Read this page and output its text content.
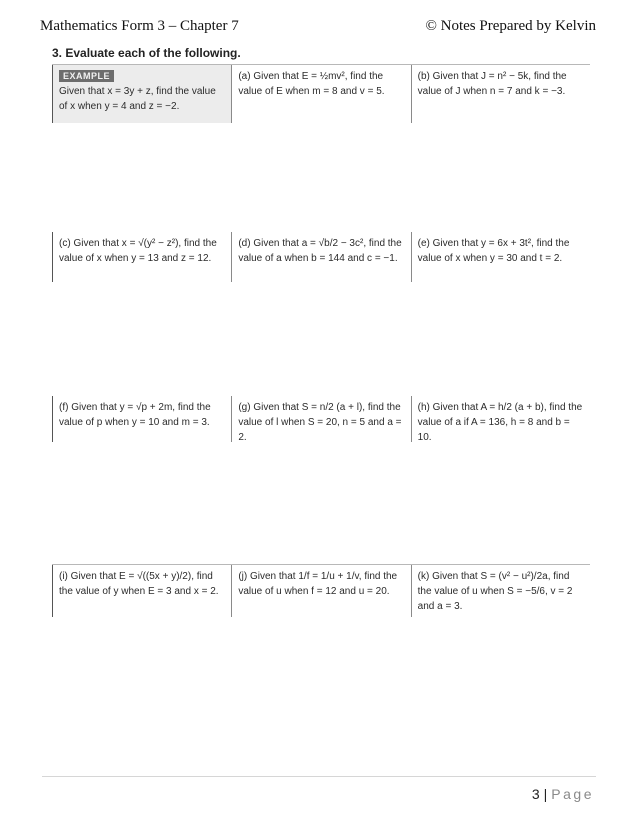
Mathematics Form 3 – Chapter 7	© Notes Prepared by Kelvin
3. Evaluate each of the following.
EXAMPLE
Given that x = 3y + z, find the value of x when y = 4 and z = −2.
(a) Given that E = ½mv², find the value of E when m = 8 and v = 5.
(b) Given that J = n² − 5k, find the value of J when n = 7 and k = −3.
(c) Given that x = √(y² − z²), find the value of x when y = 13 and z = 12.
(d) Given that a = √b/2 − 3c², find the value of a when b = 144 and c = −1.
(e) Given that y = 6x + 3t², find the value of x when y = 30 and t = 2.
(f) Given that y = √p + 2m, find the value of p when y = 10 and m = 3.
(g) Given that S = n/2 (a + l), find the value of l when S = 20, n = 5 and a = 2.
(h) Given that A = h/2 (a + b), find the value of a if A = 136, h = 8 and b = 10.
(i) Given that E = √((5x + y)/2), find the value of y when E = 3 and x = 2.
(j) Given that 1/f = 1/u + 1/v, find the value of u when f = 12 and u = 20.
(k) Given that S = (v² − u²)/2a, find the value of u when S = −5/6, v = 2 and a = 3.
3 | Page
